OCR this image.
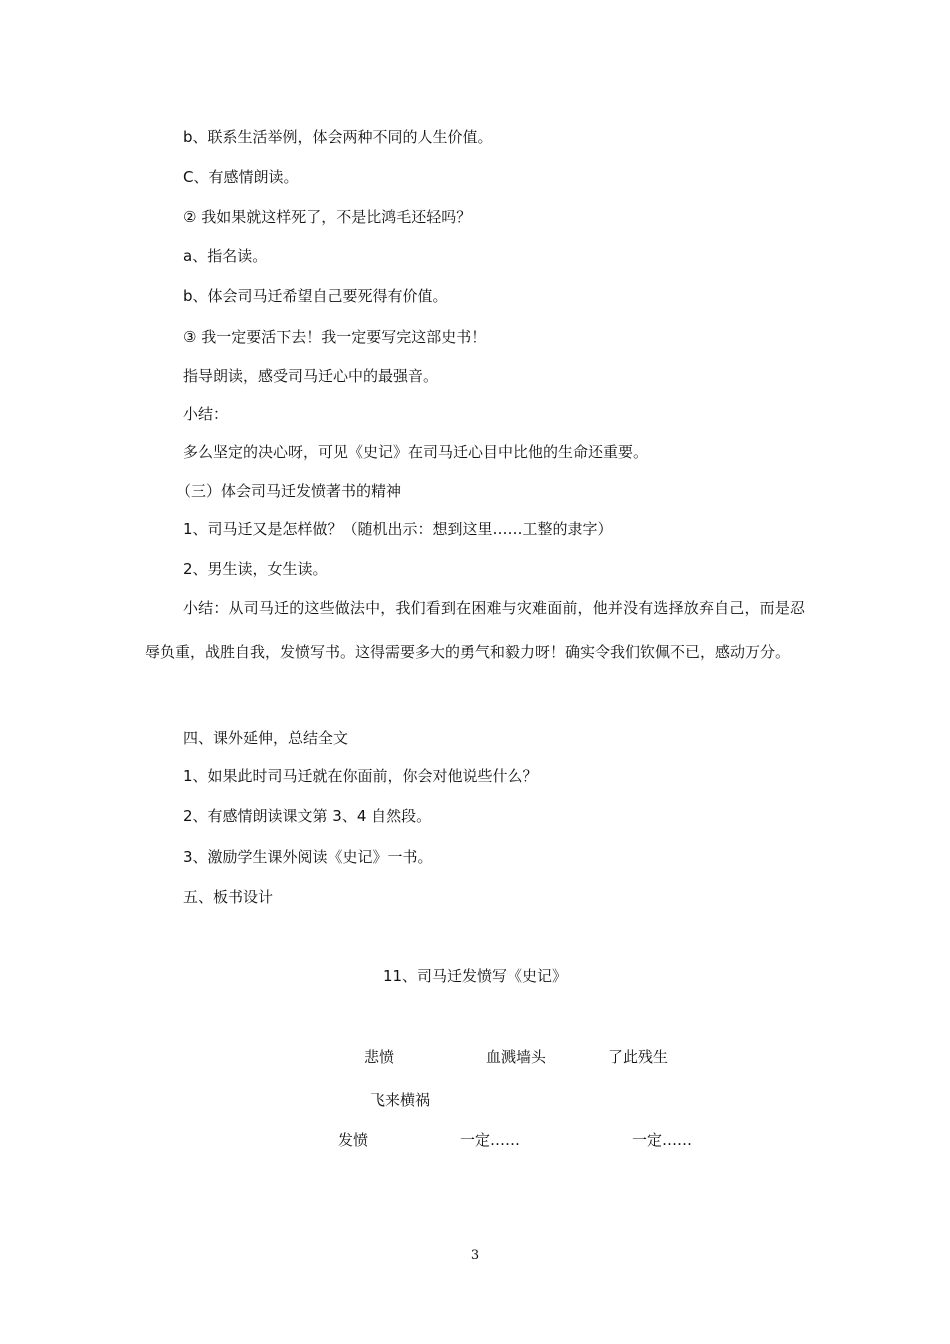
b、联系生活举例，体会两种不同的人生价值。
C、有感情朗读。
② 我如果就这样死了，不是比鸿毛还轻吗？
a、指名读。
b、体会司马迁希望自己要死得有价值。
③ 我一定要活下去！我一定要写完这部史书！
指导朗读，感受司马迁心中的最强音。
小结：
多么坚定的决心呀，可见《史记》在司马迁心目中比他的生命还重要。
（三）体会司马迁发愤著书的精神
1、司马迁又是怎样做？（随机出示：想到这里……工整的隶字）
2、男生读，女生读。
小结：从司马迁的这些做法中，我们看到在困难与灾难面前，他并没有选择放弃自己，而是忍辱负重，战胜自我，发愤写书。这得需要多大的勇气和毅力呀！确实令我们钦佩不已，感动万分。
四、课外延伸，总结全文
1、如果此时司马迁就在你面前，你会对他说些什么？
2、有感情朗读课文第 3、4 自然段。
3、激励学生课外阅读《史记》一书。
五、板书设计
11、司马迁发愤写《史记》
悲愤	血溅墙头	了此残生
飞来横祸
发愤	一定……	一定……
3
